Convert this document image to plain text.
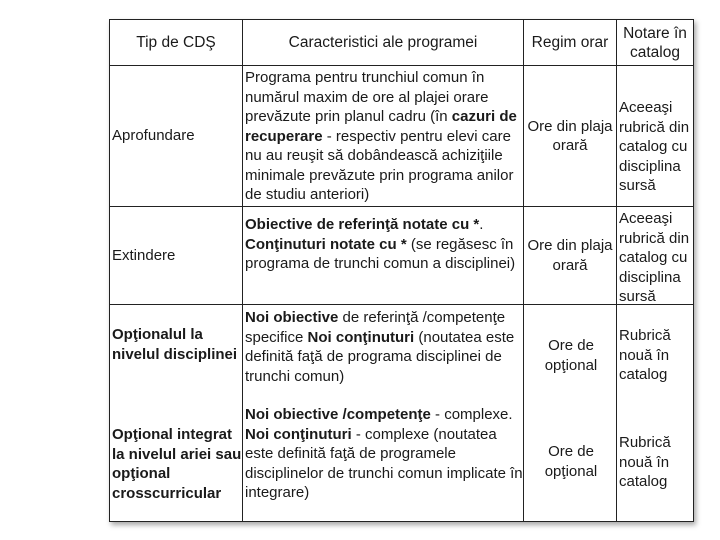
Tip de CDŞ	Caracteristici ale programei	Regim orar
Notare în catalog
Aprofundare
Programa pentru trunchiul comun în numărul maxim de ore al plajei orare prevăzute prin planul cadru (în cazuri de recuperare - respectiv pentru elevi care nu au reuşit să dobândească achiziţiile minimale prevăzute prin programa anilor de studiu anteriori)
Ore din plaja orară
Aceeaşi rubrică din catalog cu disciplina sursă
Extindere
Obiective de referinţă notate cu *. Conţinuturi notate cu * (se regăsesc în programa de trunchi comun a disciplinei)
Ore din plaja orară
Aceeaşi rubrică din catalog cu disciplina sursă
Opţionalul la nivelul disciplinei
Noi obiective de referinţă /competenţe specifice Noi conţinuturi (noutatea este definită faţă de programa disciplinei de trunchi comun)
Ore de opţional
Rubrică nouă în catalog
Opţional integrat la nivelul ariei sau opţional crosscurricular
Noi obiective /competenţe - complexe. Noi conţinuturi - complexe (noutatea este definită faţă de programele disciplinelor de trunchi comun implicate în integrare)
Ore de opţional
Rubrică nouă în catalog
